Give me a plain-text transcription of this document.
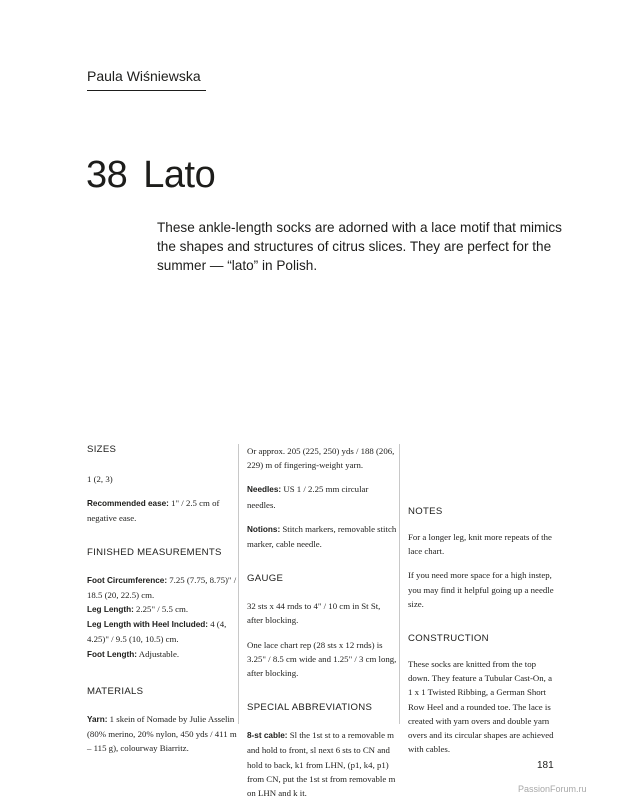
Paula Wiśniewska
38 Lato

These ankle-length socks are adorned with a lace motif that mimics the shapes and structures of citrus slices. They are perfect for the summer — “lato” in Polish.

SIZES

1 (2, 3)

Recommended ease: 1" / 2.5 cm of negative ease.

FINISHED MEASUREMENTS

Foot Circumference: 7.25 (7.75, 8.75)" / 18.5 (20, 22.5) cm.

Leg Length: 2.25" / 5.5 cm.

Leg Length with Heel Included: 4 (4, 4.25)" / 9.5 (10, 10.5) cm.

Foot Length: Adjustable.

MATERIALS

Yarn: 1 skein of Nomade by Julie Asselin (80% merino, 20% nylon, 450 yds / 411 m – 115 g), colourway Biarritz.

Or approx. 205 (225, 250) yds / 188 (206, 229) m of fingering-weight yarn.

Needles: US 1 / 2.25 mm circular needles.

Notions: Stitch markers, removable stitch marker, cable needle.

GAUGE

32 sts x 44 rnds to 4" / 10 cm in St St, after blocking.

One lace chart rep (28 sts x 12 rnds) is 3.25" / 8.5 cm wide and 1.25" / 3 cm long, after blocking.

SPECIAL ABBREVIATIONS

8-st cable: Sl the 1st st to a removable m and hold to front, sl next 6 sts to CN and hold to back, k1 from LHN, (p1, k4, p1) from CN, put the 1st st from removable m on LHN and k it.

NOTES

For a longer leg, knit more repeats of the lace chart.

If you need more space for a high instep, you may find it helpful going up a needle size.

CONSTRUCTION

These socks are knitted from the top down. They feature a Tubular Cast-On, a 1 x 1 Twisted Ribbing, a German Short Row Heel and a rounded toe. The lace is created with yarn overs and double yarn overs and its circular shapes are achieved with cables.

181
PassionForum.ru
